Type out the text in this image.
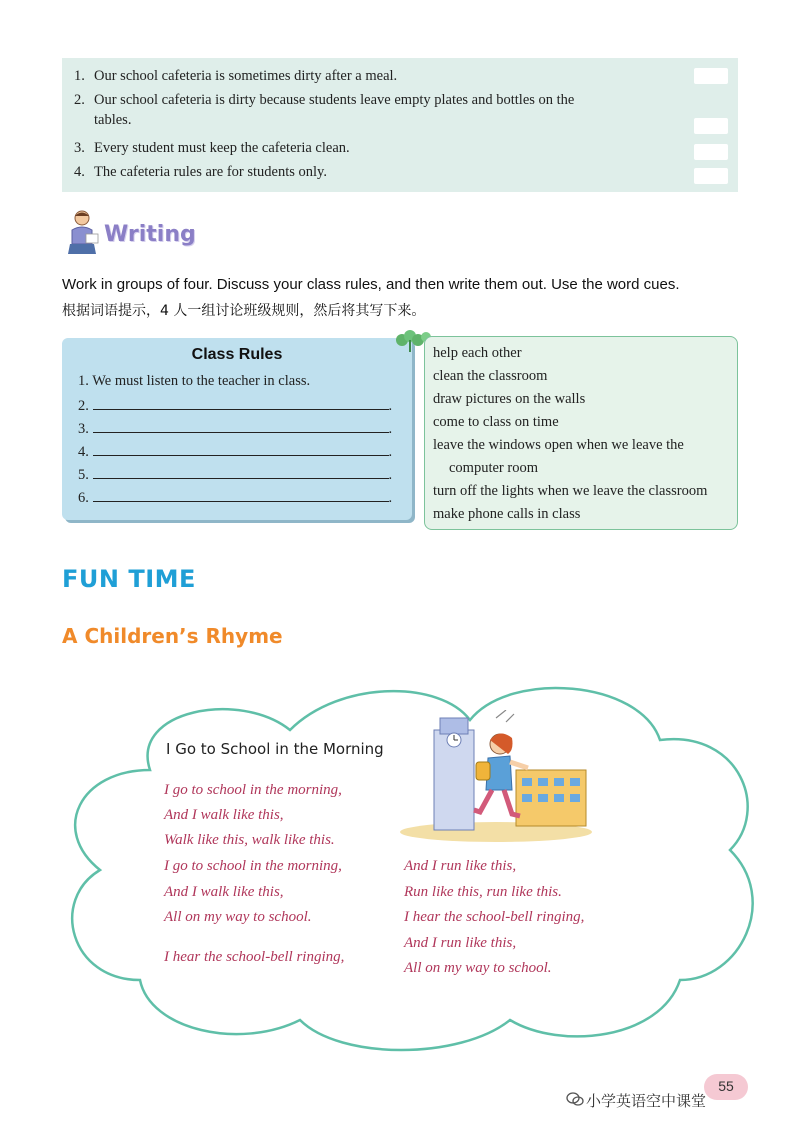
1. Our school cafeteria is sometimes dirty after a meal.
2. Our school cafeteria is dirty because students leave empty plates and bottles on the
tables.
3. Every student must keep the cafeteria clean.
4. The cafeteria rules are for students only.
Writing
Work in groups of four. Discuss your class rules, and then write them out. Use the word cues.
根据词语提示，4 人一组讨论班级规则，然后将其写下来。
Class Rules
1. We must listen to the teacher in class.
2.	.
3.	.
4.	.
5.	.
6.	.
help each other
clean the classroom
draw pictures on the walls
come to class on time
leave the windows open when we leave the
computer room
turn off the lights when we leave the classroom
make phone calls in class
FUN TIME
A Children’s Rhyme
I Go to School in the Morning
I go to school in the morning,
And I walk like this,
Walk like this, walk like this.
I go to school in the morning,
And I walk like this,
All on my way to school.
I hear the school-bell ringing,
And I run like this,
Run like this, run like this.
I hear the school-bell ringing,
And I run like this,
All on my way to school.
55
小学英语空中课堂
